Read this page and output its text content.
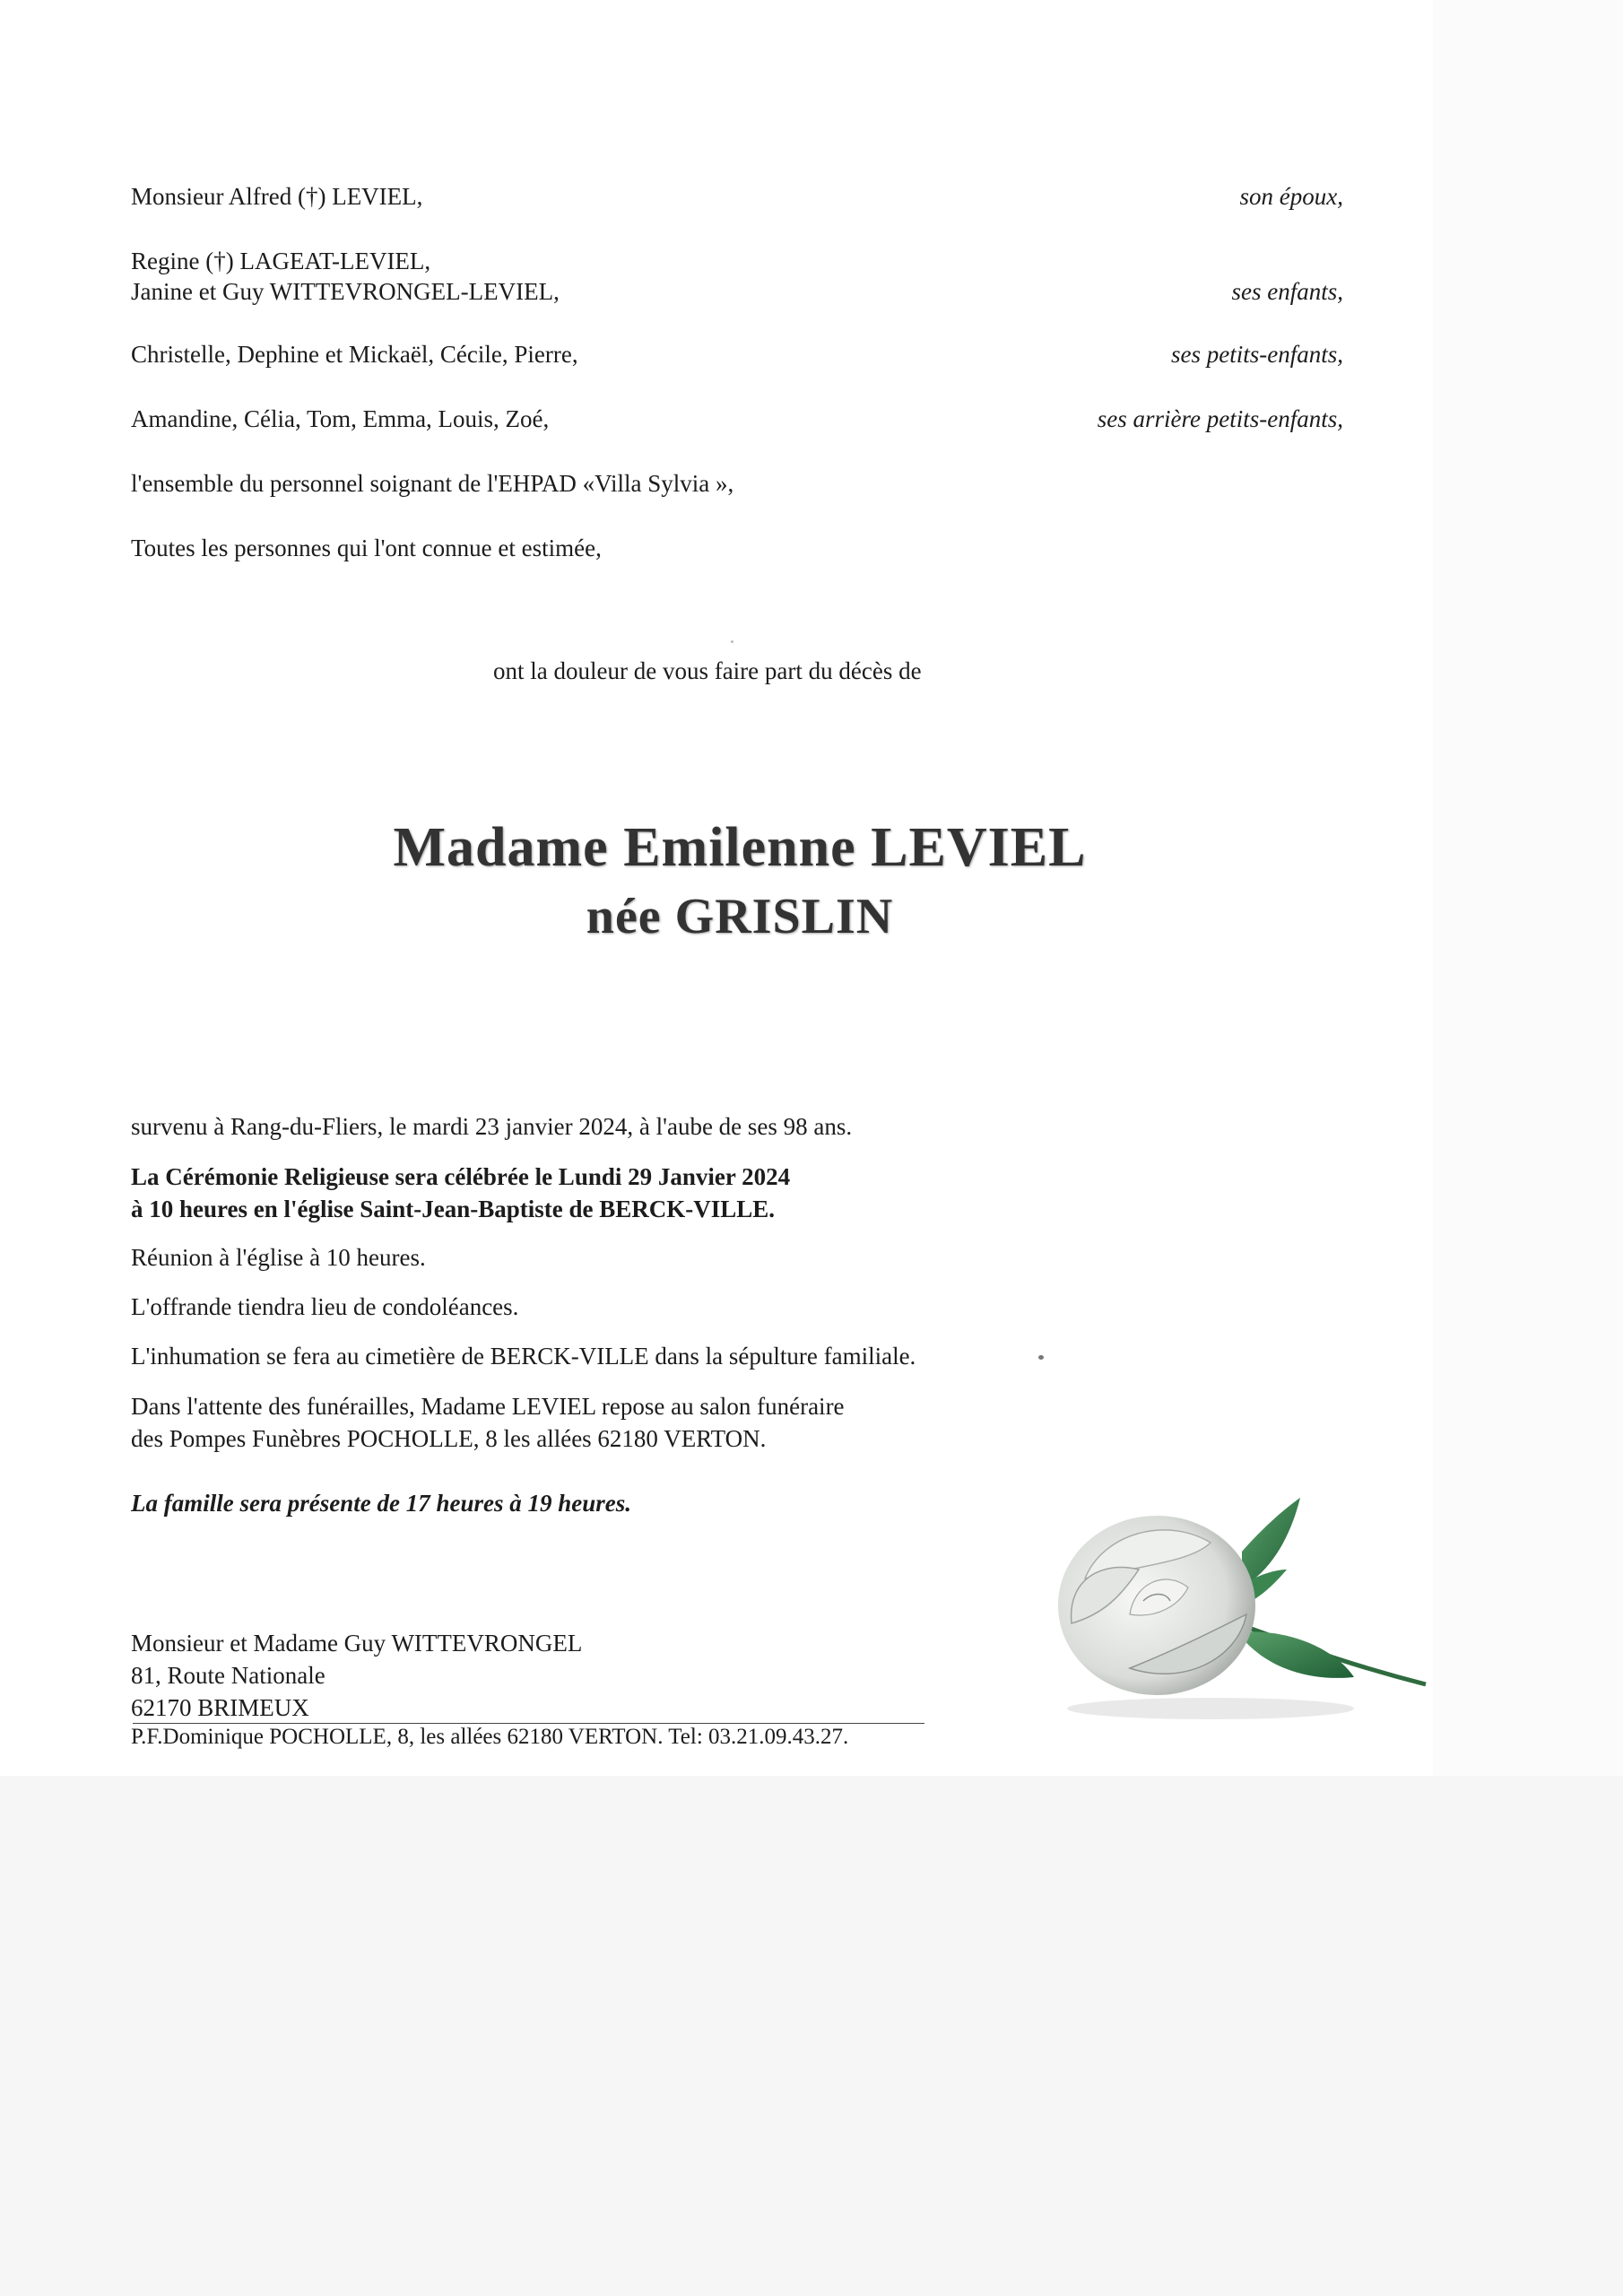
Monsieur Alfred (†) LEVIEL,	son époux,
Regine (†) LAGEAT-LEVIEL,
Janine et Guy WITTEVRONGEL-LEVIEL,	ses enfants,
Christelle, Dephine et Mickaël, Cécile, Pierre,	ses petits-enfants,
Amandine, Célia, Tom, Emma, Louis, Zoé,	ses arrière petits-enfants,
l'ensemble du personnel soignant de l'EHPAD «Villa Sylvia »,
Toutes les personnes qui l'ont connue et estimée,
ont la douleur de vous faire part du décès de
Madame Emilenne LEVIEL
née GRISLIN
survenu à Rang-du-Fliers, le mardi 23 janvier 2024, à l'aube de ses 98 ans.
La Cérémonie Religieuse sera célébrée le Lundi 29 Janvier 2024
à 10 heures en l'église Saint-Jean-Baptiste de BERCK-VILLE.
Réunion à l'église à 10 heures.
L'offrande tiendra lieu de condoléances.
L'inhumation se fera au cimetière de BERCK-VILLE dans la sépulture familiale.
Dans l'attente des funérailles, Madame LEVIEL repose au salon funéraire
des Pompes Funèbres POCHOLLE, 8 les allées 62180 VERTON.
La famille sera présente de 17 heures à 19 heures.
Monsieur et Madame Guy WITTEVRONGEL
81, Route Nationale
62170 BRIMEUX
P.F.Dominique POCHOLLE, 8, les allées 62180 VERTON. Tel: 03.21.09.43.27.
